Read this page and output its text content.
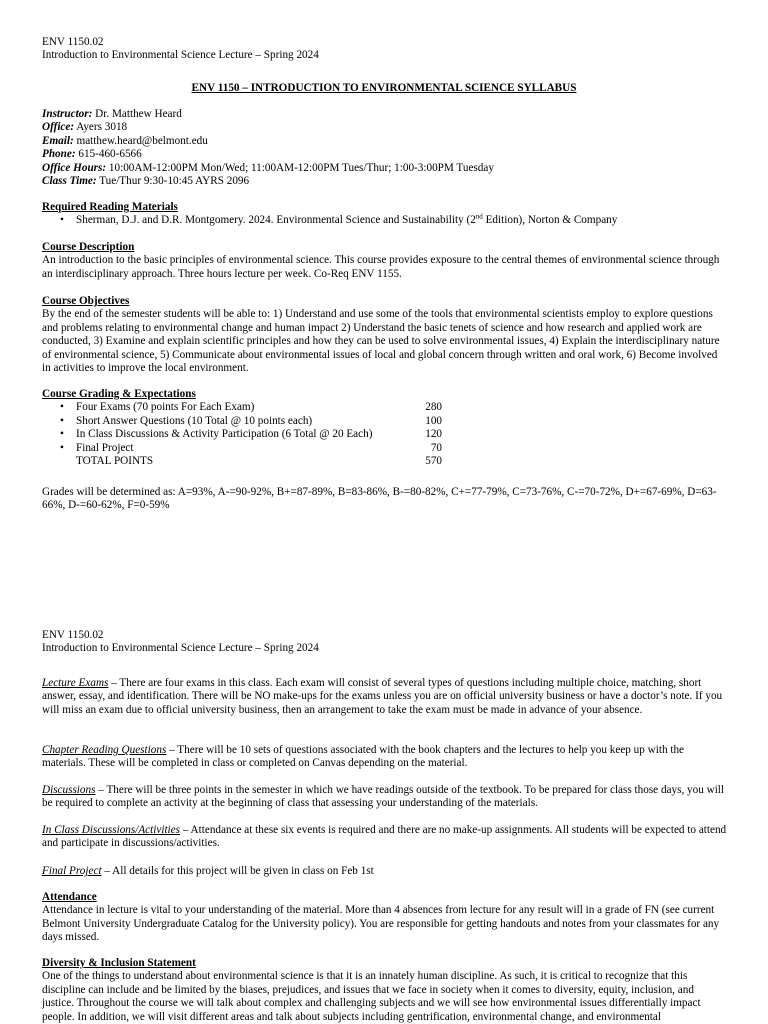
ENV 1150.02
Introduction to Environmental Science Lecture – Spring 2024
ENV 1150 – INTRODUCTION TO ENVIRONMENTAL SCIENCE SYLLABUS
Instructor: Dr. Matthew Heard
Office: Ayers 3018
Email: matthew.heard@belmont.edu
Phone: 615-460-6566
Office Hours: 10:00AM-12:00PM Mon/Wed; 11:00AM-12:00PM Tues/Thur; 1:00-3:00PM Tuesday
Class Time: Tue/Thur 9:30-10:45 AYRS 2096
Required Reading Materials
• Sherman, D.J. and D.R. Montgomery. 2024. Environmental Science and Sustainability (2nd Edition), Norton & Company
Course Description
An introduction to the basic principles of environmental science. This course provides exposure to the central themes of environmental science through an interdisciplinary approach. Three hours lecture per week. Co-Req ENV 1155.
Course Objectives
By the end of the semester students will be able to: 1) Understand and use some of the tools that environmental scientists employ to explore questions and problems relating to environmental change and human impact 2) Understand the basic tenets of science and how research and applied work are conducted, 3) Examine and explain scientific principles and how they can be used to solve environmental issues, 4) Explain the interdisciplinary nature of environmental science, 5) Communicate about environmental issues of local and global concern through written and oral work, 6) Become involved in activities to improve the local environment.
Course Grading & Expectations
• Four Exams (70 points For Each Exam)	280
• Short Answer Questions (10 Total @ 10 points each)	100
• In Class Discussions & Activity Participation (6 Total @ 20 Each)	120
• Final Project	70
TOTAL POINTS	570
Grades will be determined as: A=93%, A-=90-92%, B+=87-89%, B=83-86%, B-=80-82%, C+=77-79%, C=73-76%, C-=70-72%, D+=67-69%, D=63-66%, D-=60-62%, F=0-59%
ENV 1150.02
Introduction to Environmental Science Lecture – Spring 2024
Lecture Exams – There are four exams in this class. Each exam will consist of several types of questions including multiple choice, matching, short answer, essay, and identification. There will be NO make-ups for the exams unless you are on official university business or have a doctor’s note. If you will miss an exam due to official university business, then an arrangement to take the exam must be made in advance of your absence.
Chapter Reading Questions – There will be 10 sets of questions associated with the book chapters and the lectures to help you keep up with the materials. These will be completed in class or completed on Canvas depending on the material.
Discussions – There will be three points in the semester in which we have readings outside of the textbook. To be prepared for class those days, you will be required to complete an activity at the beginning of class that assessing your understanding of the materials.
In Class Discussions/Activities – Attendance at these six events is required and there are no make-up assignments. All students will be expected to attend and participate in discussions/activities.
Final Project – All details for this project will be given in class on Feb 1st
Attendance
Attendance in lecture is vital to your understanding of the material. More than 4 absences from lecture for any result will in a grade of FN (see current Belmont University Undergraduate Catalog for the University policy). You are responsible for getting handouts and notes from your classmates for any days missed.
Diversity & Inclusion Statement
One of the things to understand about environmental science is that it is an innately human discipline. As such, it is critical to recognize that this discipline can include and be limited by the biases, prejudices, and issues that we face in society when it comes to diversity, equity, inclusion, and justice. Throughout the course we will talk about complex and challenging subjects and we will see how environmental issues differentially impact people. In addition, we will visit different areas and talk about subjects including gentrification, environmental change, and environmental
